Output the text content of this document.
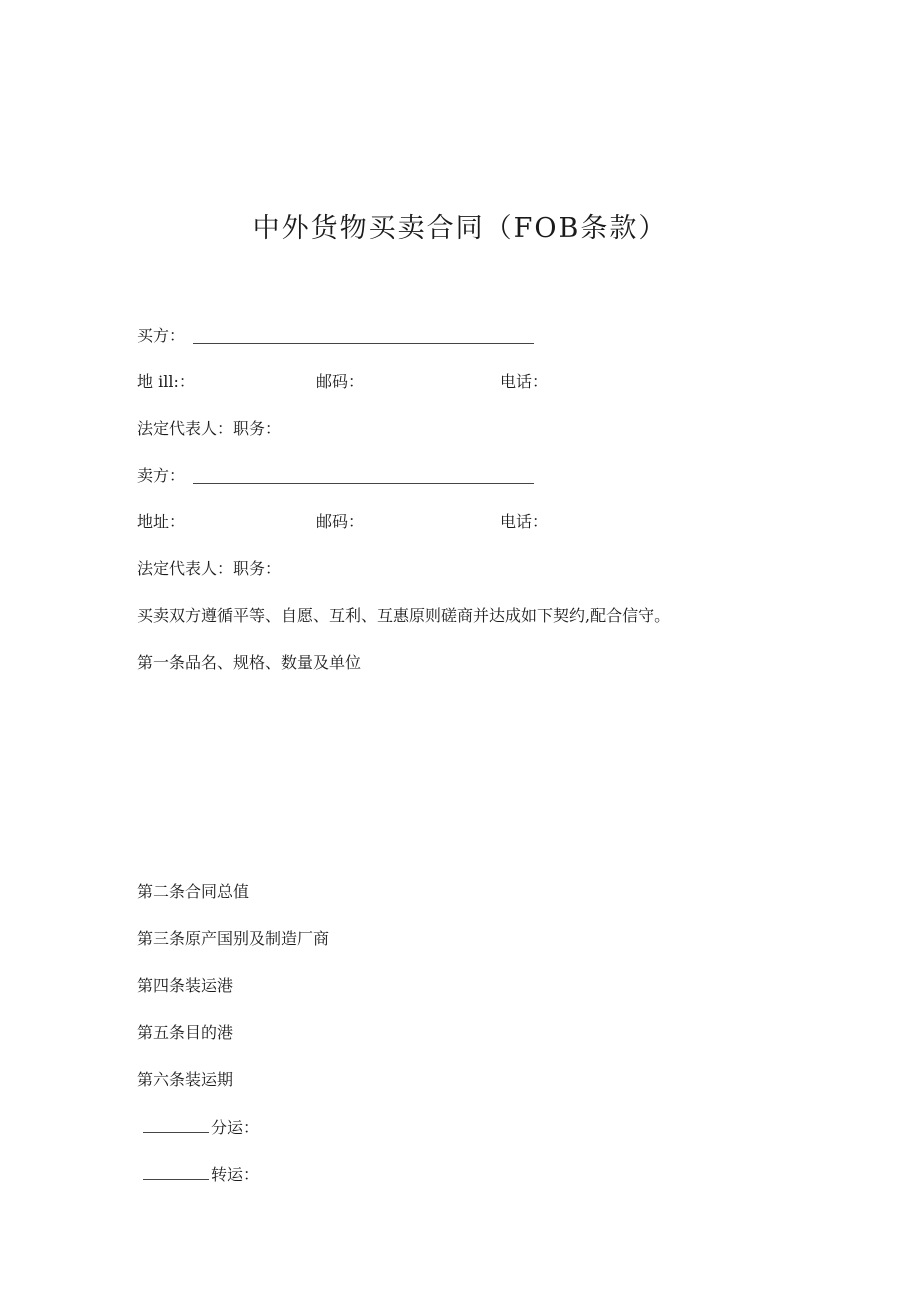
中外货物买卖合同（FOB条款）
买方：
地 ill:：	邮码：	电话：
法定代表人：职务：
卖方：
地址：	邮码：	电话：
法定代表人：职务：
买卖双方遵循平等、自愿、互利、互惠原则磋商并达成如下契约,配合信守。
第一条品名、规格、数量及单位
第二条合同总值
第三条原产国别及制造厂商
第四条装运港
第五条目的港
第六条装运期
分运：
转运：
